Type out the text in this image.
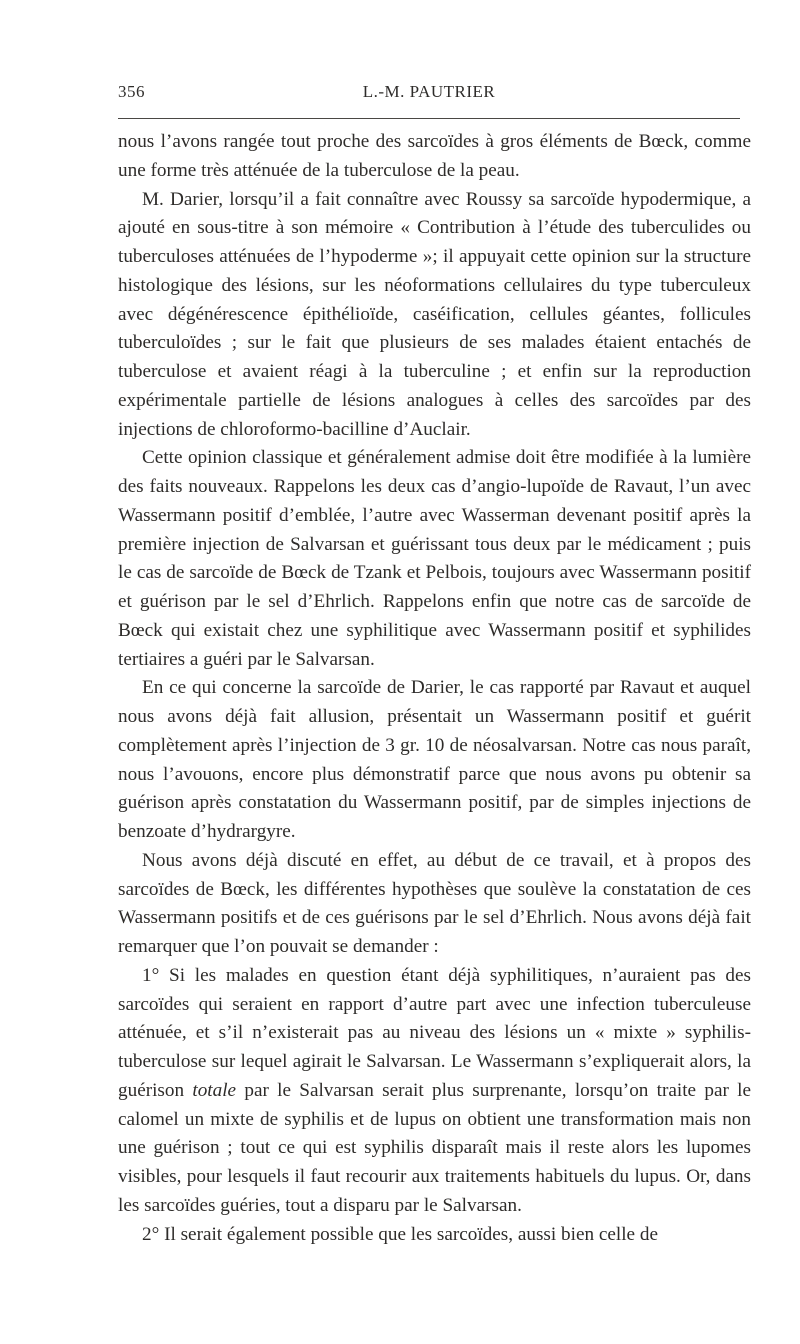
356	L.-M. PAUTRIER

nous l’avons rangée tout proche des sarcoïdes à gros éléments de Bœck, comme une forme très atténuée de la tuberculose de la peau.

M. Darier, lorsqu’il a fait connaître avec Roussy sa sarcoïde hypodermique, a ajouté en sous-titre à son mémoire « Contribution à l’étude des tuberculides ou tuberculoses atténuées de l’hypoderme »; il appuyait cette opinion sur la structure histologique des lésions, sur les néoformations cellulaires du type tuberculeux avec dégénérescence épithélioïde, caséification, cellules géantes, follicules tuberculoïdes ; sur le fait que plusieurs de ses malades étaient entachés de tuberculose et avaient réagi à la tuberculine ; et enfin sur la reproduction expérimentale partielle de lésions analogues à celles des sarcoïdes par des injections de chloroformo-bacilline d’Auclair.

Cette opinion classique et généralement admise doit être modifiée à la lumière des faits nouveaux. Rappelons les deux cas d’angio-lupoïde de Ravaut, l’un avec Wassermann positif d’emblée, l’autre avec Wasserman devenant positif après la première injection de Salvarsan et guérissant tous deux par le médicament ; puis le cas de sarcoïde de Bœck de Tzank et Pelbois, toujours avec Wassermann positif et guérison par le sel d’Ehrlich. Rappelons enfin que notre cas de sarcoïde de Bœck qui existait chez une syphilitique avec Wassermann positif et syphilides tertiaires a guéri par le Salvarsan.

En ce qui concerne la sarcoïde de Darier, le cas rapporté par Ravaut et auquel nous avons déjà fait allusion, présentait un Wassermann positif et guérit complètement après l’injection de 3 gr. 10 de néosalvarsan. Notre cas nous paraît, nous l’avouons, encore plus démonstratif parce que nous avons pu obtenir sa guérison après constatation du Wassermann positif, par de simples injections de benzoate d’hydrargyre.

Nous avons déjà discuté en effet, au début de ce travail, et à propos des sarcoïdes de Bœck, les différentes hypothèses que soulève la constatation de ces Wassermann positifs et de ces guérisons par le sel d’Ehrlich. Nous avons déjà fait remarquer que l’on pouvait se demander :

1° Si les malades en question étant déjà syphilitiques, n’auraient pas des sarcoïdes qui seraient en rapport d’autre part avec une infection tuberculeuse atténuée, et s’il n’existerait pas au niveau des lésions un « mixte » syphilis-tuberculose sur lequel agirait le Salvarsan. Le Wassermann s’expliquerait alors, la guérison totale par le Salvarsan serait plus surprenante, lorsqu’on traite par le calomel un mixte de syphilis et de lupus on obtient une transformation mais non une guérison ; tout ce qui est syphilis disparaît mais il reste alors les lupomes visibles, pour lesquels il faut recourir aux traitements habituels du lupus. Or, dans les sarcoïdes guéries, tout a disparu par le Salvarsan.

2° Il serait également possible que les sarcoïdes, aussi bien celle de
